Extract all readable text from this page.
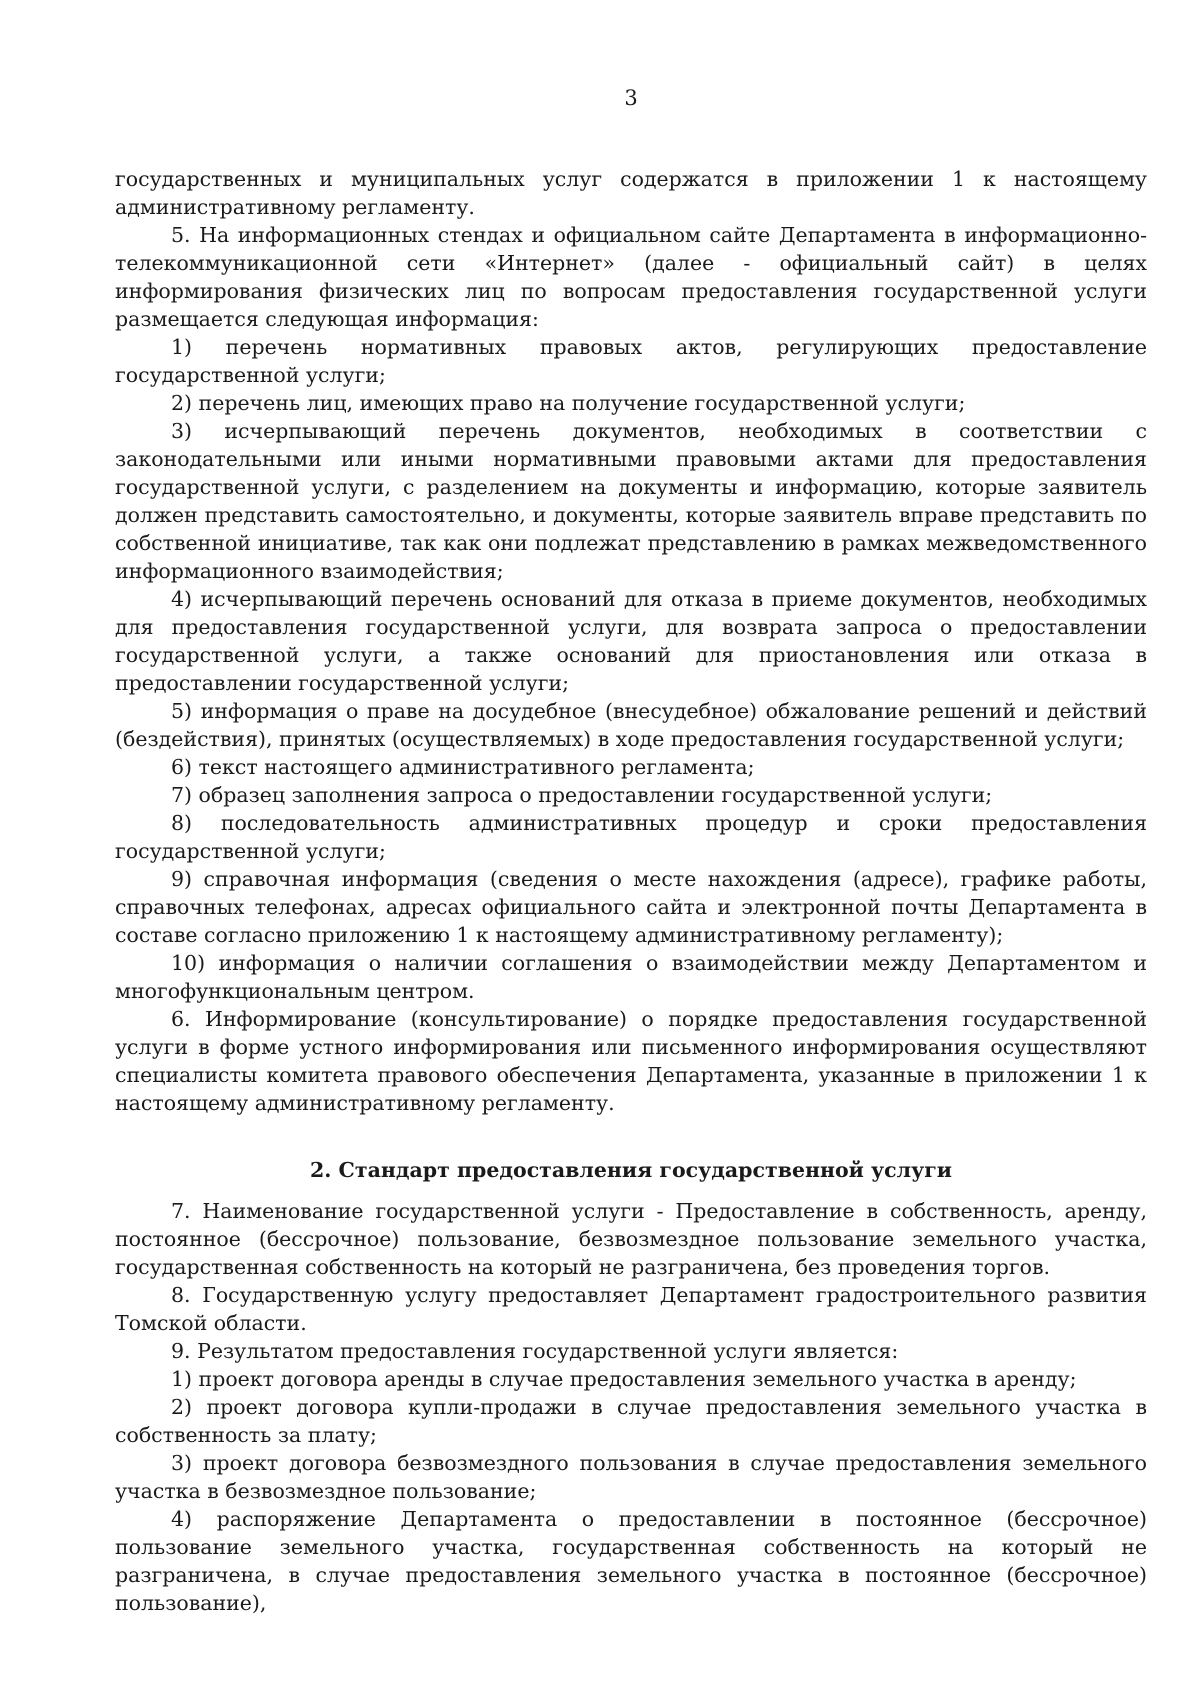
3

государственных и муниципальных услуг содержатся в приложении 1 к настоящему административному регламенту.

5. На информационных стендах и официальном сайте Департамента в информационно-телекоммуникационной сети «Интернет» (далее - официальный сайт) в целях информирования физических лиц по вопросам предоставления государственной услуги размещается следующая информация:

1) перечень нормативных правовых актов, регулирующих предоставление государственной услуги;

2) перечень лиц, имеющих право на получение государственной услуги;

3) исчерпывающий перечень документов, необходимых в соответствии с законодательными или иными нормативными правовыми актами для предоставления государственной услуги, с разделением на документы и информацию, которые заявитель должен представить самостоятельно, и документы, которые заявитель вправе представить по собственной инициативе, так как они подлежат представлению в рамках межведомственного информационного взаимодействия;

4) исчерпывающий перечень оснований для отказа в приеме документов, необходимых для предоставления государственной услуги, для возврата запроса о предоставлении государственной услуги, а также оснований для приостановления или отказа в предоставлении государственной услуги;

5) информация о праве на досудебное (внесудебное) обжалование решений и действий (бездействия), принятых (осуществляемых) в ходе предоставления государственной услуги;

6) текст настоящего административного регламента;

7) образец заполнения запроса о предоставлении государственной услуги;

8) последовательность административных процедур и сроки предоставления государственной услуги;

9) справочная информация (сведения о месте нахождения (адресе), графике работы, справочных телефонах, адресах официального сайта и электронной почты Департамента в составе согласно приложению 1 к настоящему административному регламенту);

10) информация о наличии соглашения о взаимодействии между Департаментом и многофункциональным центром.

6. Информирование (консультирование) о порядке предоставления государственной услуги в форме устного информирования или письменного информирования осуществляют специалисты комитета правового обеспечения Департамента, указанные в приложении 1 к настоящему административному регламенту.

2. Стандарт предоставления государственной услуги

7. Наименование государственной услуги - Предоставление в собственность, аренду, постоянное (бессрочное) пользование, безвозмездное пользование земельного участка, государственная собственность на который не разграничена, без проведения торгов.

8. Государственную услугу предоставляет Департамент градостроительного развития Томской области.

9. Результатом предоставления государственной услуги является:

1) проект договора аренды в случае предоставления земельного участка в аренду;

2) проект договора купли-продажи в случае предоставления земельного участка в собственность за плату;

3) проект договора безвозмездного пользования в случае предоставления земельного участка в безвозмездное пользование;

4) распоряжение Департамента о предоставлении в постоянное (бессрочное) пользование земельного участка, государственная собственность на который не разграничена, в случае предоставления земельного участка в постоянное (бессрочное) пользование),
